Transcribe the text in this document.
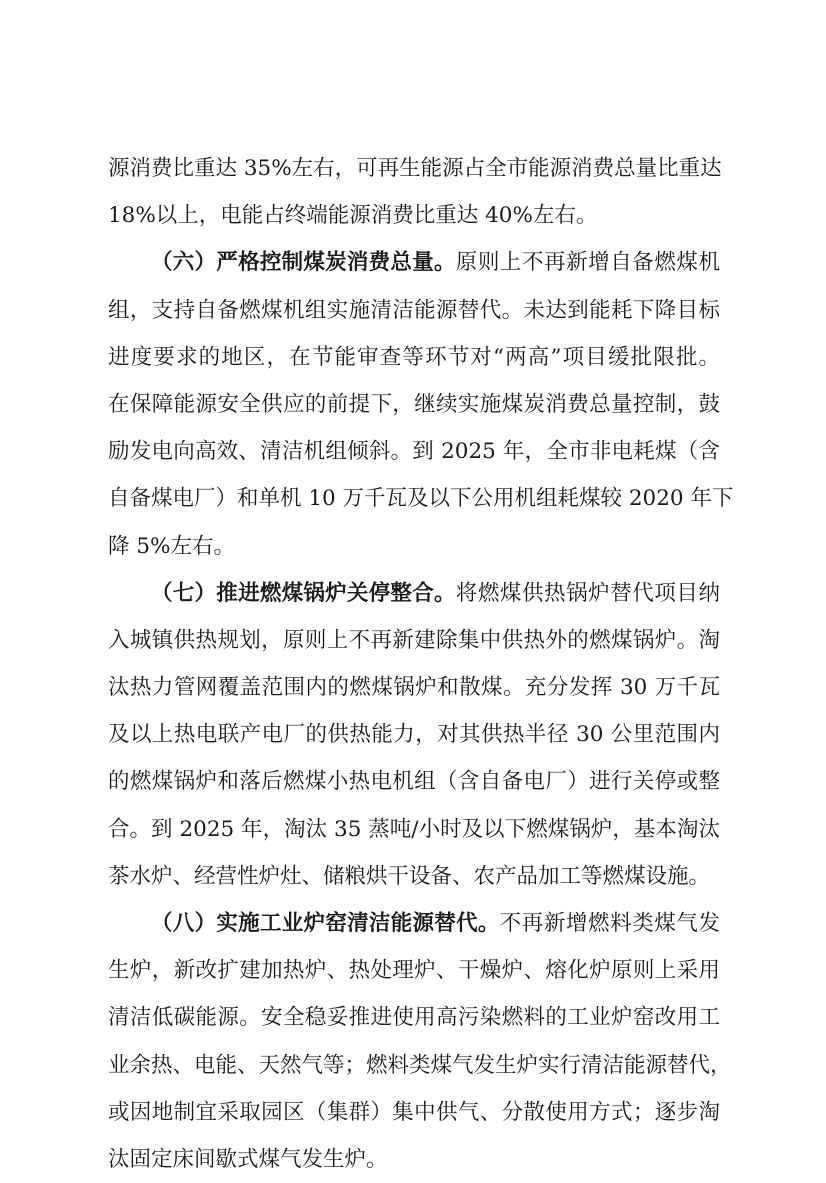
源消费比重达 35%左右，可再生能源占全市能源消费总量比重达
18%以上，电能占终端能源消费比重达 40%左右。
（六）严格控制煤炭消费总量。原则上不再新增自备燃煤机
组，支持自备燃煤机组实施清洁能源替代。未达到能耗下降目标
进度要求的地区，在节能审查等环节对“两高”项目缓批限批。
在保障能源安全供应的前提下，继续实施煤炭消费总量控制，鼓
励发电向高效、清洁机组倾斜。到 2025 年，全市非电耗煤（含
自备煤电厂）和单机 10 万千瓦及以下公用机组耗煤较 2020 年下
降 5%左右。
（七）推进燃煤锅炉关停整合。将燃煤供热锅炉替代项目纳
入城镇供热规划，原则上不再新建除集中供热外的燃煤锅炉。淘
汰热力管网覆盖范围内的燃煤锅炉和散煤。充分发挥 30 万千瓦
及以上热电联产电厂的供热能力，对其供热半径 30 公里范围内
的燃煤锅炉和落后燃煤小热电机组（含自备电厂）进行关停或整
合。到 2025 年，淘汰 35 蒸吨/小时及以下燃煤锅炉，基本淘汰
茶水炉、经营性炉灶、储粮烘干设备、农产品加工等燃煤设施。
（八）实施工业炉窑清洁能源替代。不再新增燃料类煤气发
生炉，新改扩建加热炉、热处理炉、干燥炉、熔化炉原则上采用
清洁低碳能源。安全稳妥推进使用高污染燃料的工业炉窑改用工
业余热、电能、天然气等；燃料类煤气发生炉实行清洁能源替代，
或因地制宜采取园区（集群）集中供气、分散使用方式；逐步淘
汰固定床间歇式煤气发生炉。
